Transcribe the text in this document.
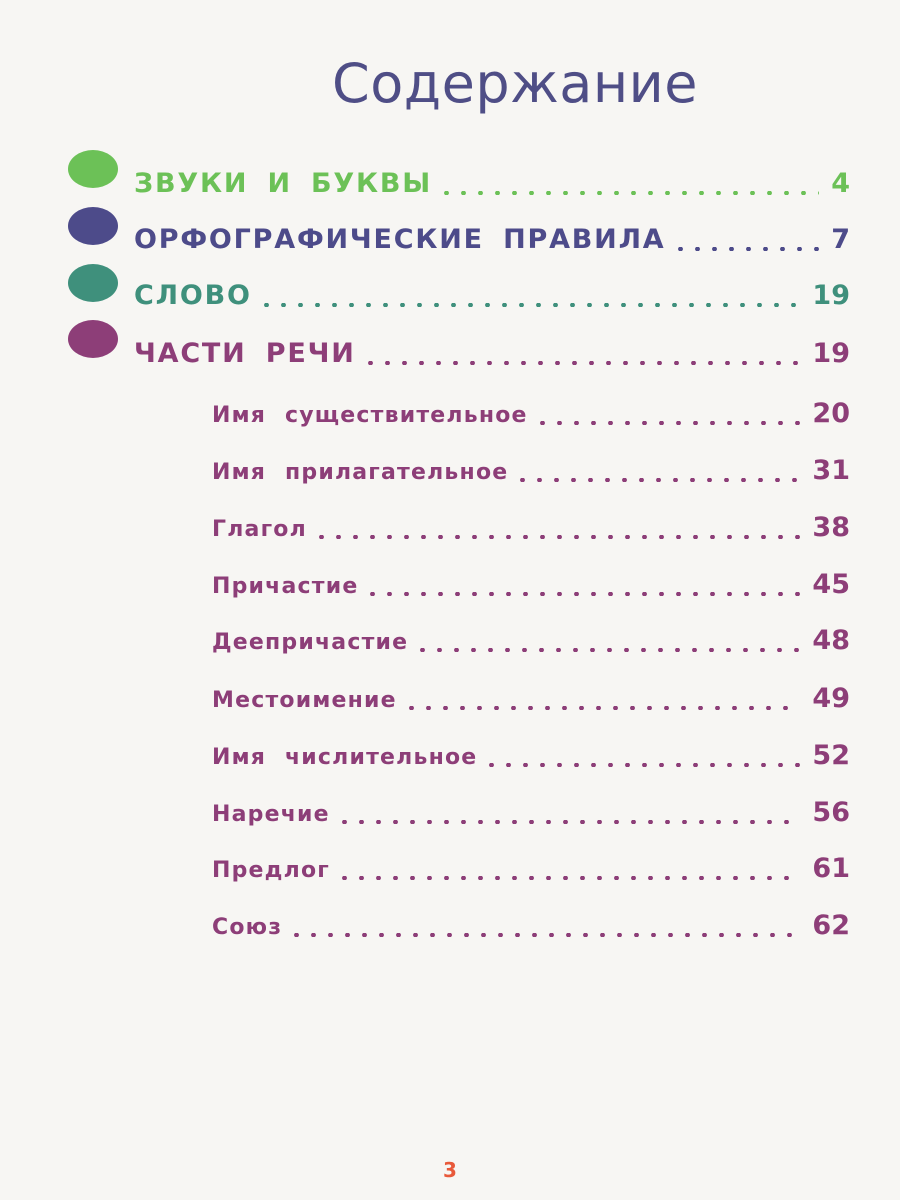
Содержание
ЗВУКИ И БУКВЫ	4
ОРФОГРАФИЧЕСКИЕ ПРАВИЛА	7
СЛОВО	19
ЧАСТИ РЕЧИ	19
Имя существительное	20
Имя прилагательное	31
Глагол	38
Причастие	45
Деепричастие	48
Местоимение	49
Имя числительное	52
Наречие	56
Предлог	61
Союз	62
3
